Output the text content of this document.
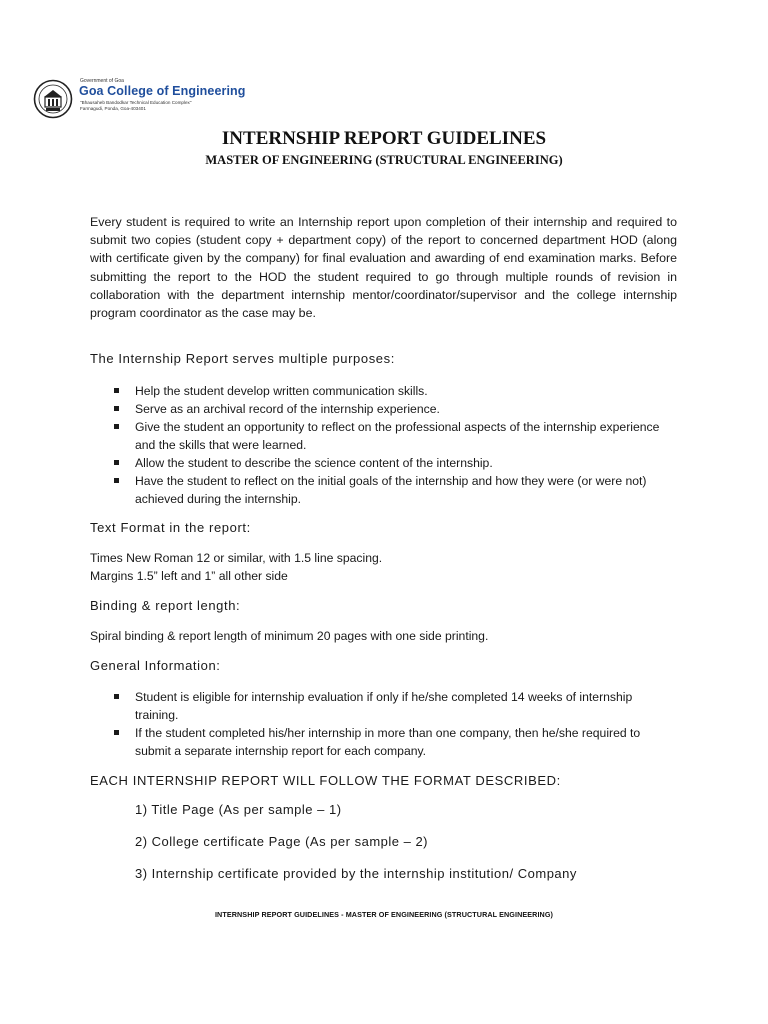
Government of Goa
Goa College of Engineering
"Bhausaheb Bandodkar Technical Education Complex"
Farmagudi, Ponda, Goa-403401
INTERNSHIP REPORT GUIDELINES
MASTER OF ENGINEERING (STRUCTURAL ENGINEERING)
Every student is required to write an Internship report upon completion of their internship and required to submit two copies (student copy + department copy) of the report to concerned department HOD (along with certificate given by the company) for final evaluation and awarding of end examination marks. Before submitting the report to the HOD the student required to go through multiple rounds of revision in collaboration with the department internship mentor/coordinator/supervisor and the college internship program coordinator as the case may be.
The Internship Report serves multiple purposes:
Help the student develop written communication skills.
Serve as an archival record of the internship experience.
Give the student an opportunity to reflect on the professional aspects of the internship experience and the skills that were learned.
Allow the student to describe the science content of the internship.
Have the student to reflect on the initial goals of the internship and how they were (or were not) achieved during the internship.
Text Format in the report:
Times New Roman 12 or similar, with 1.5 line spacing.
Margins 1.5” left and 1” all other side
Binding & report length:
Spiral binding & report length of minimum 20 pages with one side printing.
General Information:
Student is eligible for internship evaluation if only if he/she completed 14 weeks of internship training.
If the student completed his/her internship in more than one company, then he/she required to submit a separate internship report for each company.
EACH INTERNSHIP REPORT WILL FOLLOW THE FORMAT DESCRIBED:
1) Title Page (As per sample – 1)
2) College certificate Page (As per sample – 2)
3) Internship certificate provided by the internship institution/ Company
INTERNSHIP REPORT GUIDELINES - MASTER OF ENGINEERING (STRUCTURAL ENGINEERING)
